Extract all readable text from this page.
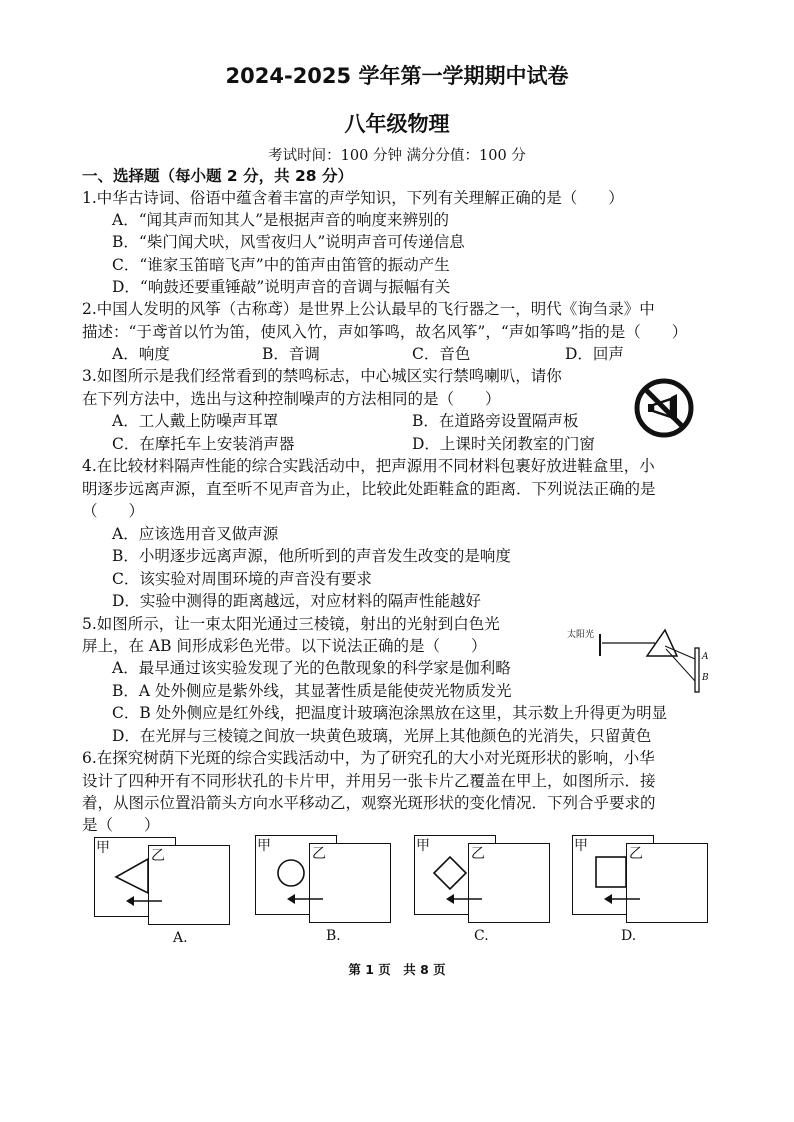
2024-2025 学年第一学期期中试卷
八年级物理
考试时间：100 分钟 满分分值：100 分
一、选择题（每小题 2 分，共 28 分）
1.中华古诗词、俗语中蕴含着丰富的声学知识，下列有关理解正确的是（　　）
A．“闻其声而知其人”是根据声音的响度来辨别的
B．“柴门闻犬吠，风雪夜归人”说明声音可传递信息
C．“谁家玉笛暗飞声”中的笛声由笛管的振动产生
D．“响鼓还要重锤敲”说明声音的音调与振幅有关
2.中国人发明的风筝（古称鸢）是世界上公认最早的飞行器之一，明代《询刍录》中
描述：“于鸢首以竹为笛，使风入竹，声如筝鸣，故名风筝”，“声如筝鸣”指的是（　　）
A．响度	B．音调	C．音色	D．回声
3.如图所示是我们经常看到的禁鸣标志，中心城区实行禁鸣喇叭，请你
在下列方法中，选出与这种控制噪声的方法相同的是（　　）
A．工人戴上防噪声耳罩	B．在道路旁设置隔声板
C．在摩托车上安装消声器	D．上课时关闭教室的门窗
4.在比较材料隔声性能的综合实践活动中，把声源用不同材料包裹好放进鞋盒里，小
明逐步远离声源，直至听不见声音为止，比较此处距鞋盒的距离．下列说法正确的是
（　　）
A．应该选用音叉做声源
B．小明逐步远离声源，他所听到的声音发生改变的是响度
C．该实验对周围环境的声音没有要求
D．实验中测得的距离越远，对应材料的隔声性能越好
5.如图所示，让一束太阳光通过三棱镜，射出的光射到白色光
屏上，在 AB 间形成彩色光带。以下说法正确的是（　　）
A．最早通过该实验发现了光的色散现象的科学家是伽利略
B．A 处外侧应是紫外线，其显著性质是能使荧光物质发光
C．B 处外侧应是红外线，把温度计玻璃泡涂黑放在这里，其示数上升得更为明显
D．在光屏与三棱镜之间放一块黄色玻璃，光屏上其他颜色的光消失，只留黄色
太阳光
A
B
6.在探究树荫下光斑的综合实践活动中，为了研究孔的大小对光斑形状的影响，小华
设计了四种开有不同形状孔的卡片甲，并用另一张卡片乙覆盖在甲上，如图所示．接
着，从图示位置沿箭头方向水平移动乙，观察光斑形状的变化情况．下列合乎要求的
是（　　）
甲	乙
A.
甲	乙
B.
甲	乙
C.
甲	乙
D.
第 1 页　共 8 页
